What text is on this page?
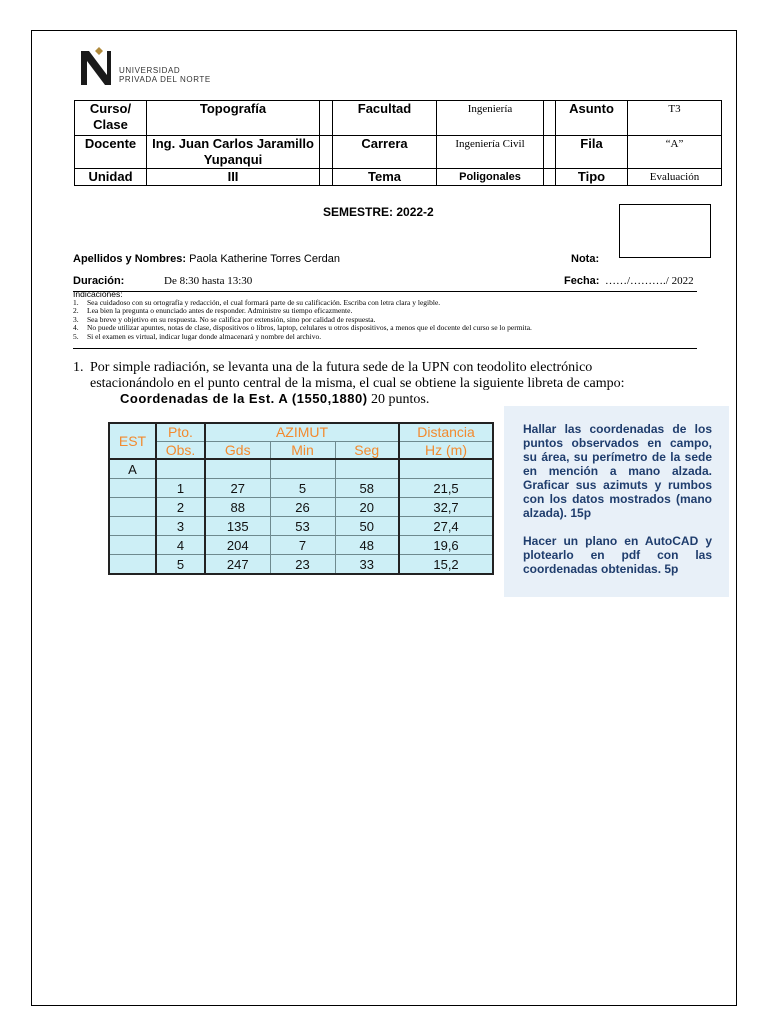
UNIVERSIDAD
PRIVADA DEL NORTE
Curso/ Clase	Topografía		Facultad	Ingeniería		Asunto	T3
Docente	Ing. Juan Carlos Jaramillo Yupanqui		Carrera	Ingeniería Civil		Fila	“A”
Unidad	III		Tema	Poligonales		Tipo	Evaluación
SEMESTRE: 2022-2
Apellidos y Nombres: Paola Katherine Torres Cerdan	Nota:
Duración:	De 8:30 hasta 13:30	Fecha: ……/………./ 2022
Indicaciones:
1. Sea cuidadoso con su ortografía y redacción, el cual formará parte de su calificación. Escriba con letra clara y legible.
2. Lea bien la pregunta o enunciado antes de responder. Administre su tiempo eficazmente.
3. Sea breve y objetivo en su respuesta. No se califica por extensión, sino por calidad de respuesta.
4. No puede utilizar apuntes, notas de clase, dispositivos o libros, laptop, celulares u otros dispositivos, a menos que el docente del curso se lo permita.
5. Si el examen es virtual, indicar lugar donde almacenará y nombre del archivo.
1. Por simple radiación, se levanta una de la futura sede de la UPN con teodolito electrónico
estacionándolo en el punto central de la misma, el cual se obtiene la siguiente libreta de campo:
Coordenadas de la Est. A (1550,1880) 20 puntos.
EST	Pto.	AZIMUT			Distancia
	Obs.	Gds	Min	Seg	Hz (m)
A					
	1	27	5	58	21,5
	2	88	26	20	32,7
	3	135	53	50	27,4
	4	204	7	48	19,6
	5	247	23	33	15,2

Hallar las coordenadas de los puntos observados en campo, su área, su perímetro de la sede en mención a mano alzada. Graficar sus azimuts y rumbos con los datos mostrados (mano alzada). 15p

Hacer un plano en AutoCAD y plotearlo en pdf con las coordenadas obtenidas. 5p
